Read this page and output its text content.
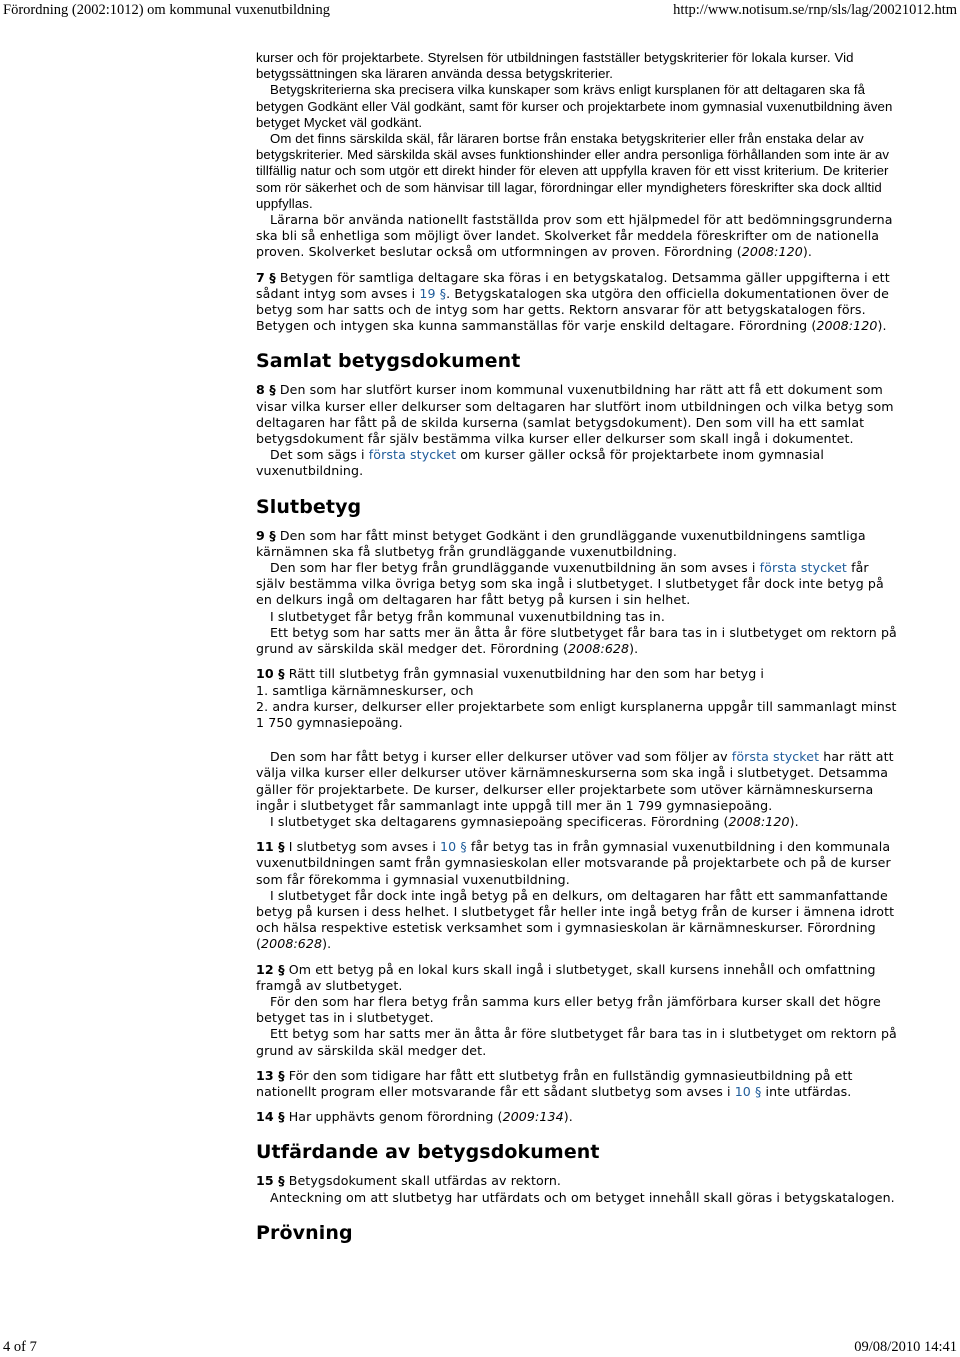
Förordning (2002:1012) om kommunal vuxenutbildning	http://www.notisum.se/rnp/sls/lag/20021012.htm

kurser och för projektarbete. Styrelsen för utbildningen fastställer betygskriterier för lokala kurser. Vid betygssättningen ska läraren använda dessa betygskriterier.

Betygskriterierna ska precisera vilka kunskaper som krävs enligt kursplanen för att deltagaren ska få betygen Godkänt eller Väl godkänt, samt för kurser och projektarbete inom gymnasial vuxenutbildning även betyget Mycket väl godkänt.

Om det finns särskilda skäl, får läraren bortse från enstaka betygskriterier eller från enstaka delar av betygskriterier. Med särskilda skäl avses funktionshinder eller andra personliga förhållanden som inte är av tillfällig natur och som utgör ett direkt hinder för eleven att uppfylla kraven för ett visst kriterium. De kriterier som rör säkerhet och de som hänvisar till lagar, förordningar eller myndigheters föreskrifter ska dock alltid uppfyllas.

Lärarna bör använda nationellt fastställda prov som ett hjälpmedel för att bedömningsgrunderna ska bli så enhetliga som möjligt över landet. Skolverket får meddela föreskrifter om de nationella proven. Skolverket beslutar också om utformningen av proven. Förordning (2008:120).

7 § Betygen för samtliga deltagare ska föras i en betygskatalog. Detsamma gäller uppgifterna i ett sådant intyg som avses i 19 §. Betygskatalogen ska utgöra den officiella dokumentationen över de betyg som har satts och de intyg som har getts. Rektorn ansvarar för att betygskatalogen förs. Betygen och intygen ska kunna sammanställas för varje enskild deltagare. Förordning (2008:120).

Samlat betygsdokument

8 § Den som har slutfört kurser inom kommunal vuxenutbildning har rätt att få ett dokument som visar vilka kurser eller delkurser som deltagaren har slutfört inom utbildningen och vilka betyg som deltagaren har fått på de skilda kurserna (samlat betygsdokument). Den som vill ha ett samlat betygsdokument får själv bestämma vilka kurser eller delkurser som skall ingå i dokumentet.

Det som sägs i första stycket om kurser gäller också för projektarbete inom gymnasial vuxenutbildning.

Slutbetyg

9 § Den som har fått minst betyget Godkänt i den grundläggande vuxenutbildningens samtliga kärnämnen ska få slutbetyg från grundläggande vuxenutbildning.

Den som har fler betyg från grundläggande vuxenutbildning än som avses i första stycket får själv bestämma vilka övriga betyg som ska ingå i slutbetyget. I slutbetyget får dock inte betyg på en delkurs ingå om deltagaren har fått betyg på kursen i sin helhet.

I slutbetyget får betyg från kommunal vuxenutbildning tas in.

Ett betyg som har satts mer än åtta år före slutbetyget får bara tas in i slutbetyget om rektorn på grund av särskilda skäl medger det. Förordning (2008:628).

10 § Rätt till slutbetyg från gymnasial vuxenutbildning har den som har betyg i

1. samtliga kärnämneskurser, och

2. andra kurser, delkurser eller projektarbete som enligt kursplanerna uppgår till sammanlagt minst 1 750 gymnasiepoäng.

Den som har fått betyg i kurser eller delkurser utöver vad som följer av första stycket har rätt att välja vilka kurser eller delkurser utöver kärnämneskurserna som ska ingå i slutbetyget. Detsamma gäller för projektarbete. De kurser, delkurser eller projektarbete som utöver kärnämneskurserna ingår i slutbetyget får sammanlagt inte uppgå till mer än 1 799 gymnasiepoäng.

I slutbetyget ska deltagarens gymnasiepoäng specificeras. Förordning (2008:120).

11 § I slutbetyg som avses i 10 § får betyg tas in från gymnasial vuxenutbildning i den kommunala vuxenutbildningen samt från gymnasieskolan eller motsvarande på projektarbete och på de kurser som får förekomma i gymnasial vuxenutbildning.

I slutbetyget får dock inte ingå betyg på en delkurs, om deltagaren har fått ett sammanfattande betyg på kursen i dess helhet. I slutbetyget får heller inte ingå betyg från de kurser i ämnena idrott och hälsa respektive estetisk verksamhet som i gymnasieskolan är kärnämneskurser. Förordning (2008:628).

12 § Om ett betyg på en lokal kurs skall ingå i slutbetyget, skall kursens innehåll och omfattning framgå av slutbetyget.

För den som har flera betyg från samma kurs eller betyg från jämförbara kurser skall det högre betyget tas in i slutbetyget.

Ett betyg som har satts mer än åtta år före slutbetyget får bara tas in i slutbetyget om rektorn på grund av särskilda skäl medger det.

13 § För den som tidigare har fått ett slutbetyg från en fullständig gymnasieutbildning på ett nationellt program eller motsvarande får ett sådant slutbetyg som avses i 10 § inte utfärdas.

14 § Har upphävts genom förordning (2009:134).

Utfärdande av betygsdokument

15 § Betygsdokument skall utfärdas av rektorn.

Anteckning om att slutbetyg har utfärdats och om betyget innehåll skall göras i betygskatalogen.

Prövning
4 of 7	09/08/2010 14:41
